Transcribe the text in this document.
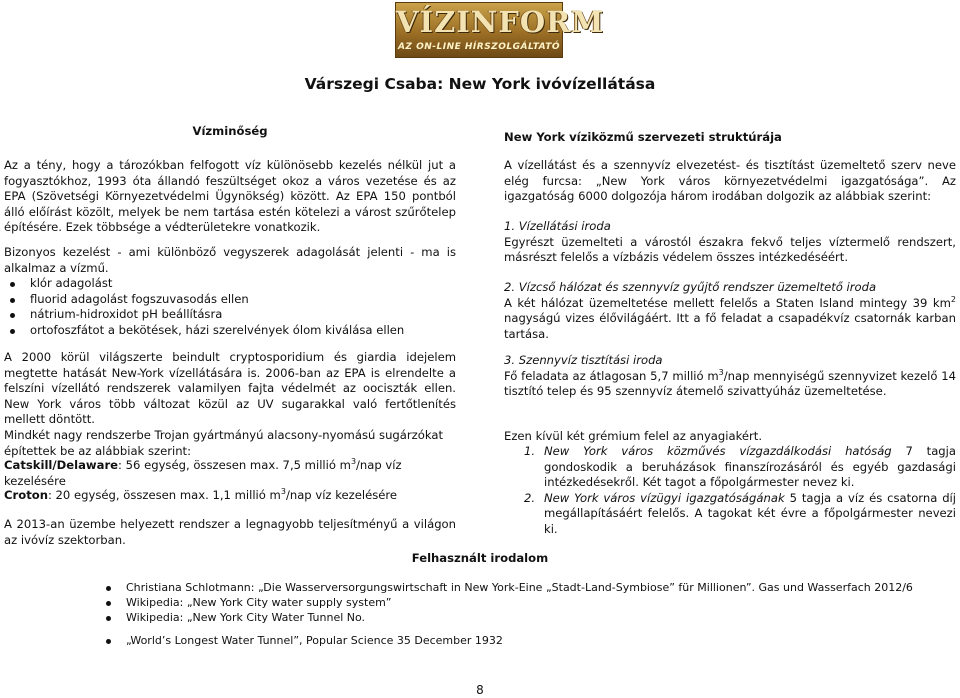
VÍZINFORM
AZ ON-LINE HÍRSZOLGÁLTATÓ
Várszegi Csaba: New York ivóvízellátása

Vízminőség

Az a tény, hogy a tározókban felfogott víz különösebb kezelés nélkül jut a fogyasztókhoz, 1993 óta állandó feszültséget okoz a város vezetése és az EPA (Szövetségi Környezetvédelmi Ügynökség) között. Az EPA 150 pontból álló előírást közölt, melyek be nem tartása estén kötelezi a várost szűrőtelep építésére. Ezek többsége a védterületekre vonatkozik.
Bizonyos kezelést - ami különböző vegyszerek adagolását jelenti - ma is alkalmaz a vízmű.
klór adagolást
fluorid adagolást fogszuvasodás ellen
nátrium-hidroxidot pH beállításra
ortofoszfátot a bekötések, házi szerelvények ólom kiválása ellen
A 2000 körül világszerte beindult cryptosporidium és giardia idejelem megtette hatását New-York vízellátására is. 2006-ban az EPA is elrendelte a felszíni vízellátó rendszerek valamilyen fajta védelmét az oociszták ellen. New York város több változat közül az UV sugarakkal való fertőtlenítés mellett döntött.
Mindkét nagy rendszerbe Trojan gyártmányú alacsony-nyomású sugárzókat építettek be az alábbiak szerint:
Catskill/Delaware: 56 egység, összesen max. 7,5 millió $m^3$/nap víz kezelésére
Croton: 20 egység, összesen max. 1,1 millió $m^3$/nap víz kezelésére
A 2013-an üzembe helyezett rendszer a legnagyobb teljesítményű a világon az ivóvíz szektorban.

New York víziközmű szervezeti struktúrája

A vízellátást és a szennyvíz elvezetést- és tisztítást üzemeltető szerv neve elég furcsa: „New York város környezetvédelmi igazgatósága”. Az igazgatóság 6000 dolgozója három irodában dolgozik az alábbiak szerint:

1. Vízellátási iroda

Egyrészt üzemelteti a várostól északra fekvő teljes víztermelő rendszert, másrészt felelős a vízbázis védelem összes intézkedéséért.

2. Vízcső hálózat és szennyvíz gyűjtő rendszer üzemeltető iroda

A két hálózat üzemeltetése mellett felelős a Staten Island mintegy 39 $km^2$ nagyságú vizes élővilágáért. Itt a fő feladat a csapadékvíz csatornák karban tartása.

3. Szennyvíz tisztítási iroda

Fő feladata az átlagosan 5,7 millió $m^3$/nap mennyiségű szennyvizet kezelő 14 tisztító telep és 95 szennyvíz átemelő szivattyúház üzemeltetése.

Ezen kívül két grémium felel az anyagiakért.
1. New York város közművés vízgazdálkodási hatóság 7 tagja gondoskodik a beruházások finanszírozásáról és egyéb gazdasági intézkedésekről. Két tagot a főpolgármester nevez ki.
2. New York város vízügyi igazgatóságának 5 tagja a víz és csatorna díj megállapításáért felelős. A tagokat két évre a főpolgármester nevezi ki.
Felhasznált irodalom
Christiana Schlotmann: „Die Wasserversorgungswirtschaft in New York-Eine „Stadt-Land-Symbiose” für Millionen”. Gas und Wasserfach 2012/6
Wikipedia: „New York City water supply system”
Wikipedia: „New York City Water Tunnel No.
„World’s Longest Water Tunnel”, Popular Science 35 December 1932
8
